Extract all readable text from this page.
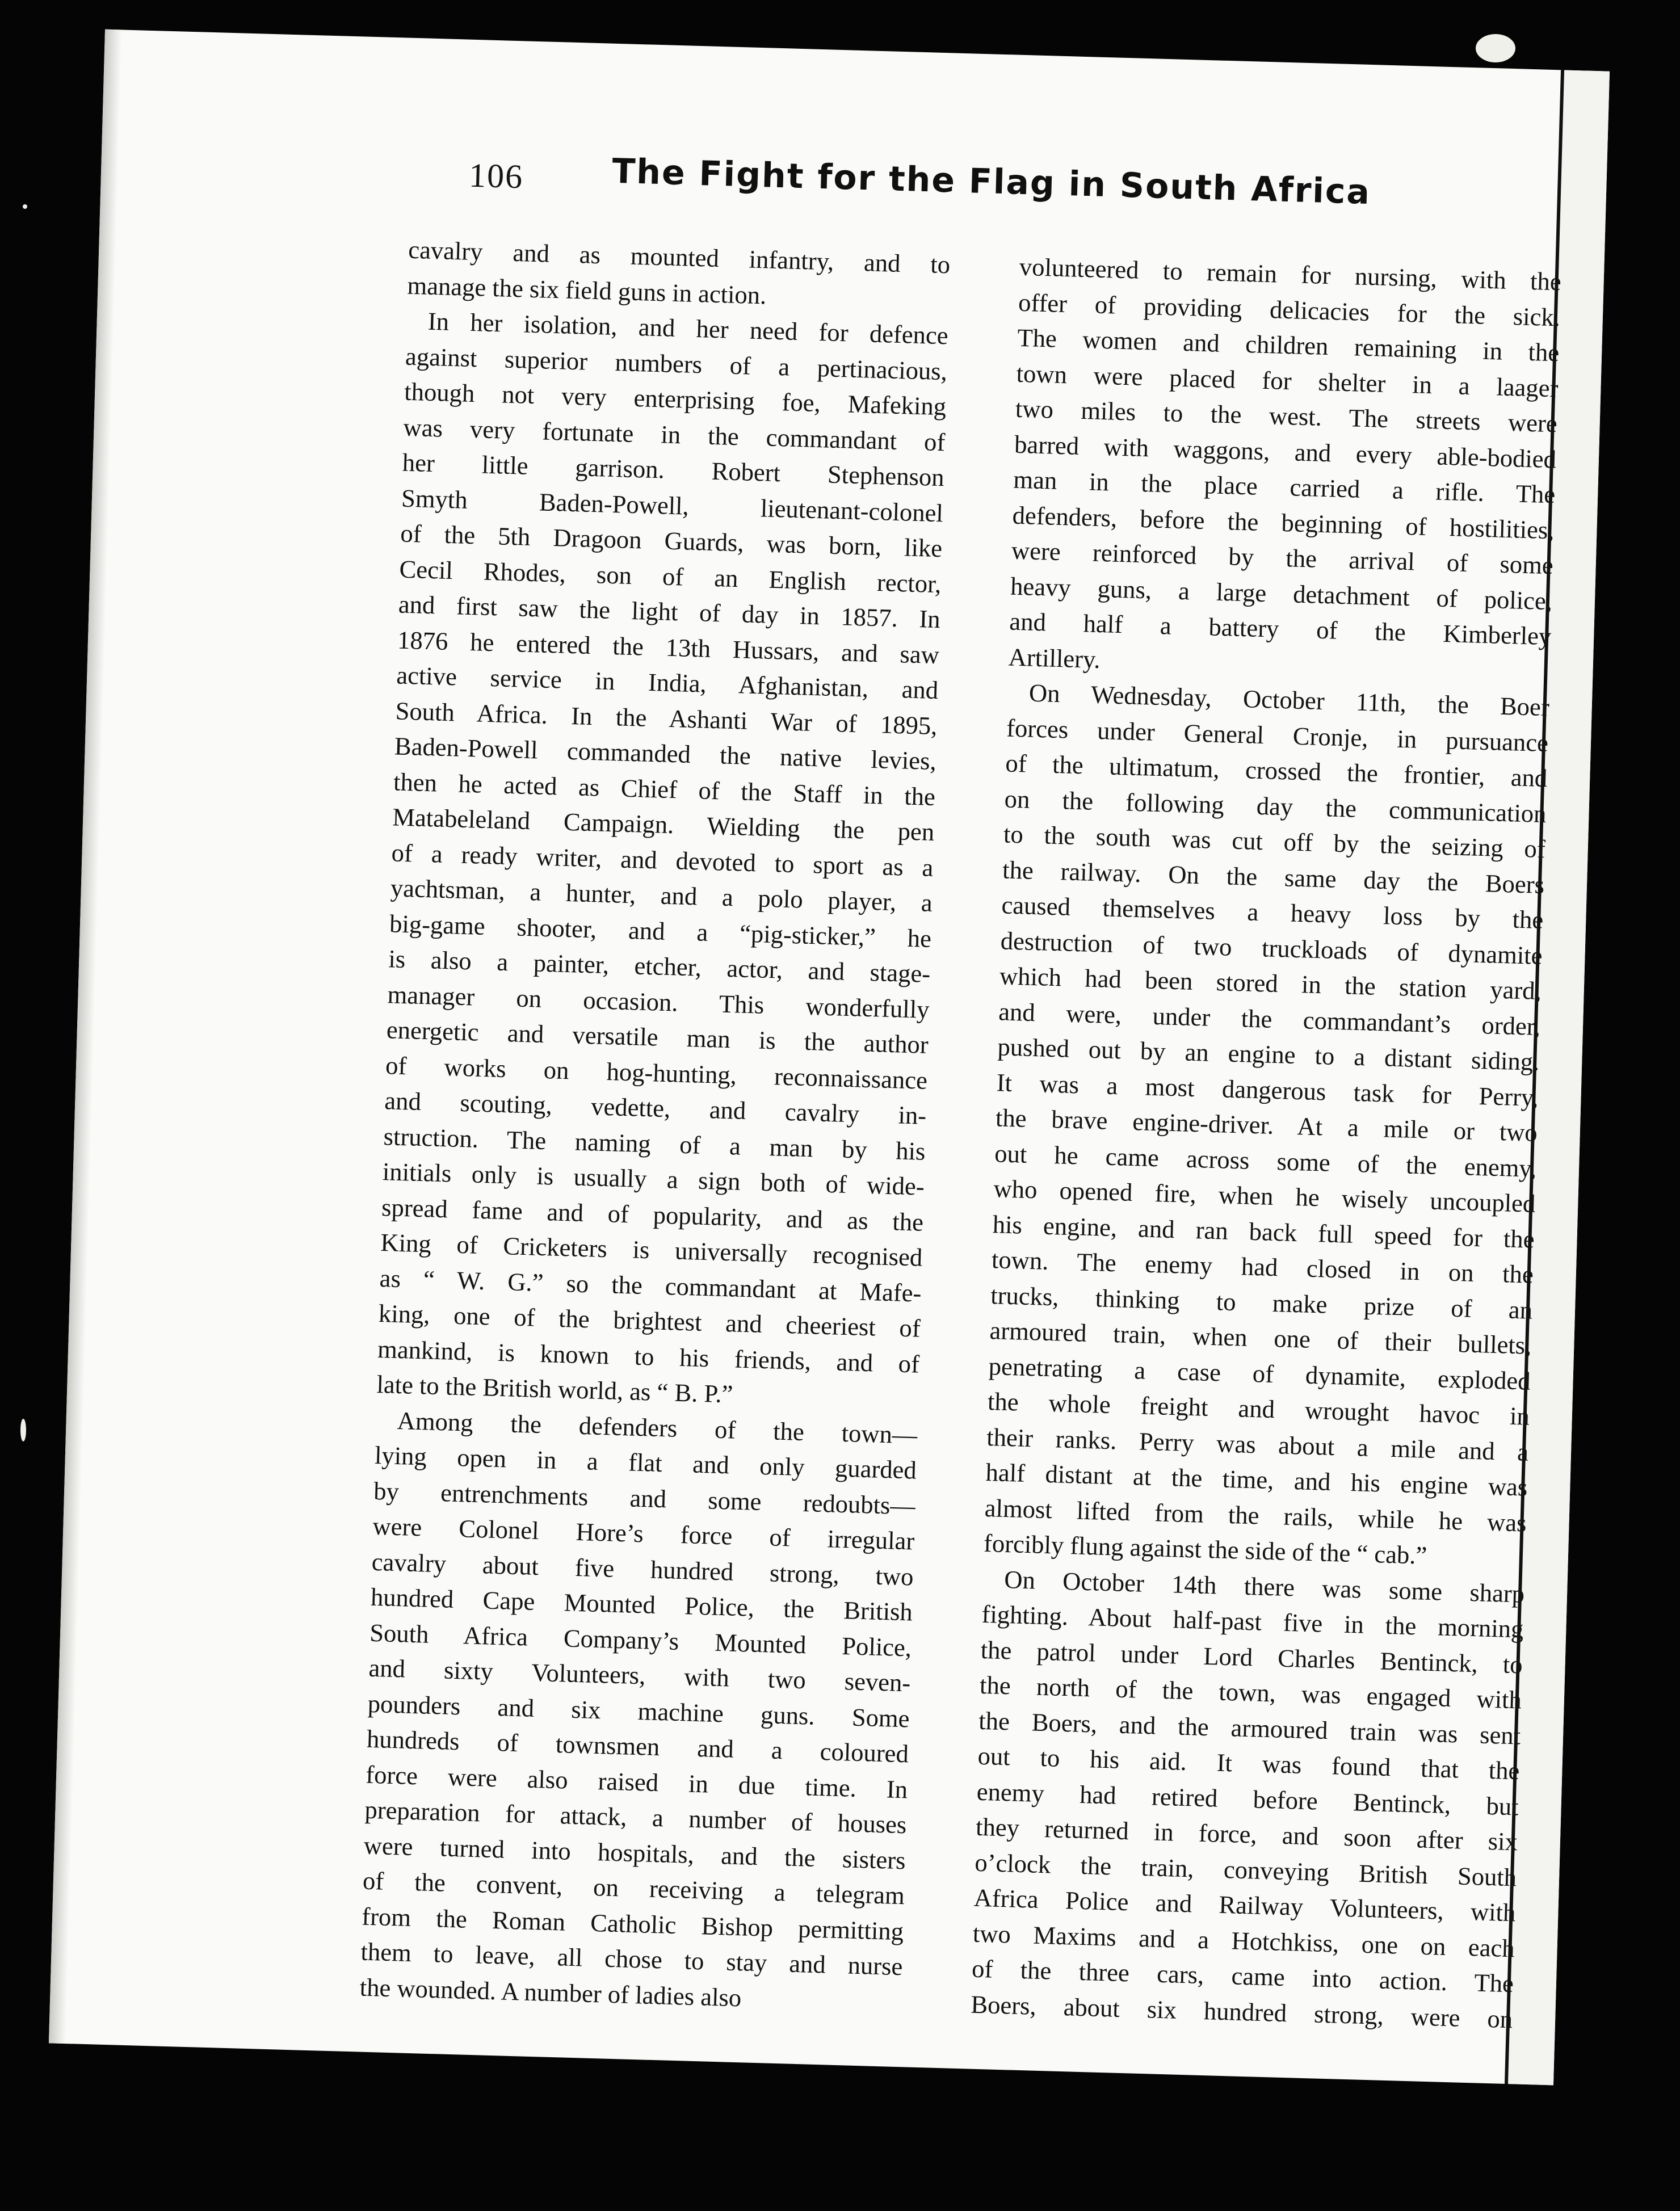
106	The Fight for the Flag in South Africa

cavalry and as mounted infantry, and to

manage the six field guns in action.

In her isolation, and her need for defence

against superior numbers of a pertinacious,

though not very enterprising foe, Mafeking

was very fortunate in the commandant of

her little garrison. Robert Stephenson

Smyth Baden-Powell, lieutenant-colonel

of the 5th Dragoon Guards, was born, like

Cecil Rhodes, son of an English rector,

and first saw the light of day in 1857. In

1876 he entered the 13th Hussars, and saw

active service in India, Afghanistan, and

South Africa. In the Ashanti War of 1895,

Baden-Powell commanded the native levies,

then he acted as Chief of the Staff in the

Matabeleland Campaign. Wielding the pen

of a ready writer, and devoted to sport as a

yachtsman, a hunter, and a polo player, a

big-game shooter, and a “pig-sticker,” he

is also a painter, etcher, actor, and stage-

manager on occasion. This wonderfully

energetic and versatile man is the author

of works on hog-hunting, reconnaissance

and scouting, vedette, and cavalry in-

struction. The naming of a man by his

initials only is usually a sign both of wide-

spread fame and of popularity, and as the

King of Cricketers is universally recognised

as “ W. G.” so the commandant at Mafe-

king, one of the brightest and cheeriest of

mankind, is known to his friends, and of

late to the British world, as “ B. P.”

Among the defenders of the town—

lying open in a flat and only guarded

by entrenchments and some redoubts—

were Colonel Hore’s force of irregular

cavalry about five hundred strong, two

hundred Cape Mounted Police, the British

South Africa Company’s Mounted Police,

and sixty Volunteers, with two seven-

pounders and six machine guns. Some

hundreds of townsmen and a coloured

force were also raised in due time. In

preparation for attack, a number of houses

were turned into hospitals, and the sisters

of the convent, on receiving a telegram

from the Roman Catholic Bishop permitting

them to leave, all chose to stay and nurse

the wounded. A number of ladies also

volunteered to remain for nursing, with the

offer of providing delicacies for the sick.

The women and children remaining in the

town were placed for shelter in a laager

two miles to the west. The streets were

barred with waggons, and every able-bodied

man in the place carried a rifle. The

defenders, before the beginning of hostilities,

were reinforced by the arrival of some

heavy guns, a large detachment of police,

and half a battery of the Kimberley

Artillery.

On Wednesday, October 11th, the Boer

forces under General Cronje, in pursuance

of the ultimatum, crossed the frontier, and

on the following day the communication

to the south was cut off by the seizing of

the railway. On the same day the Boers

caused themselves a heavy loss by the

destruction of two truckloads of dynamite

which had been stored in the station yard,

and were, under the commandant’s order,

pushed out by an engine to a distant siding.

It was a most dangerous task for Perry,

the brave engine-driver. At a mile or two

out he came across some of the enemy,

who opened fire, when he wisely uncoupled

his engine, and ran back full speed for the

town. The enemy had closed in on the

trucks, thinking to make prize of an

armoured train, when one of their bullets,

penetrating a case of dynamite, exploded

the whole freight and wrought havoc in

their ranks. Perry was about a mile and a

half distant at the time, and his engine was

almost lifted from the rails, while he was

forcibly flung against the side of the “ cab.”

On October 14th there was some sharp

fighting. About half-past five in the morning

the patrol under Lord Charles Bentinck, to

the north of the town, was engaged with

the Boers, and the armoured train was sent

out to his aid. It was found that the

enemy had retired before Bentinck, but

they returned in force, and soon after six

o’clock the train, conveying British South

Africa Police and Railway Volunteers, with

two Maxims and a Hotchkiss, one on each

of the three cars, came into action. The

Boers, about six hundred strong, were on
